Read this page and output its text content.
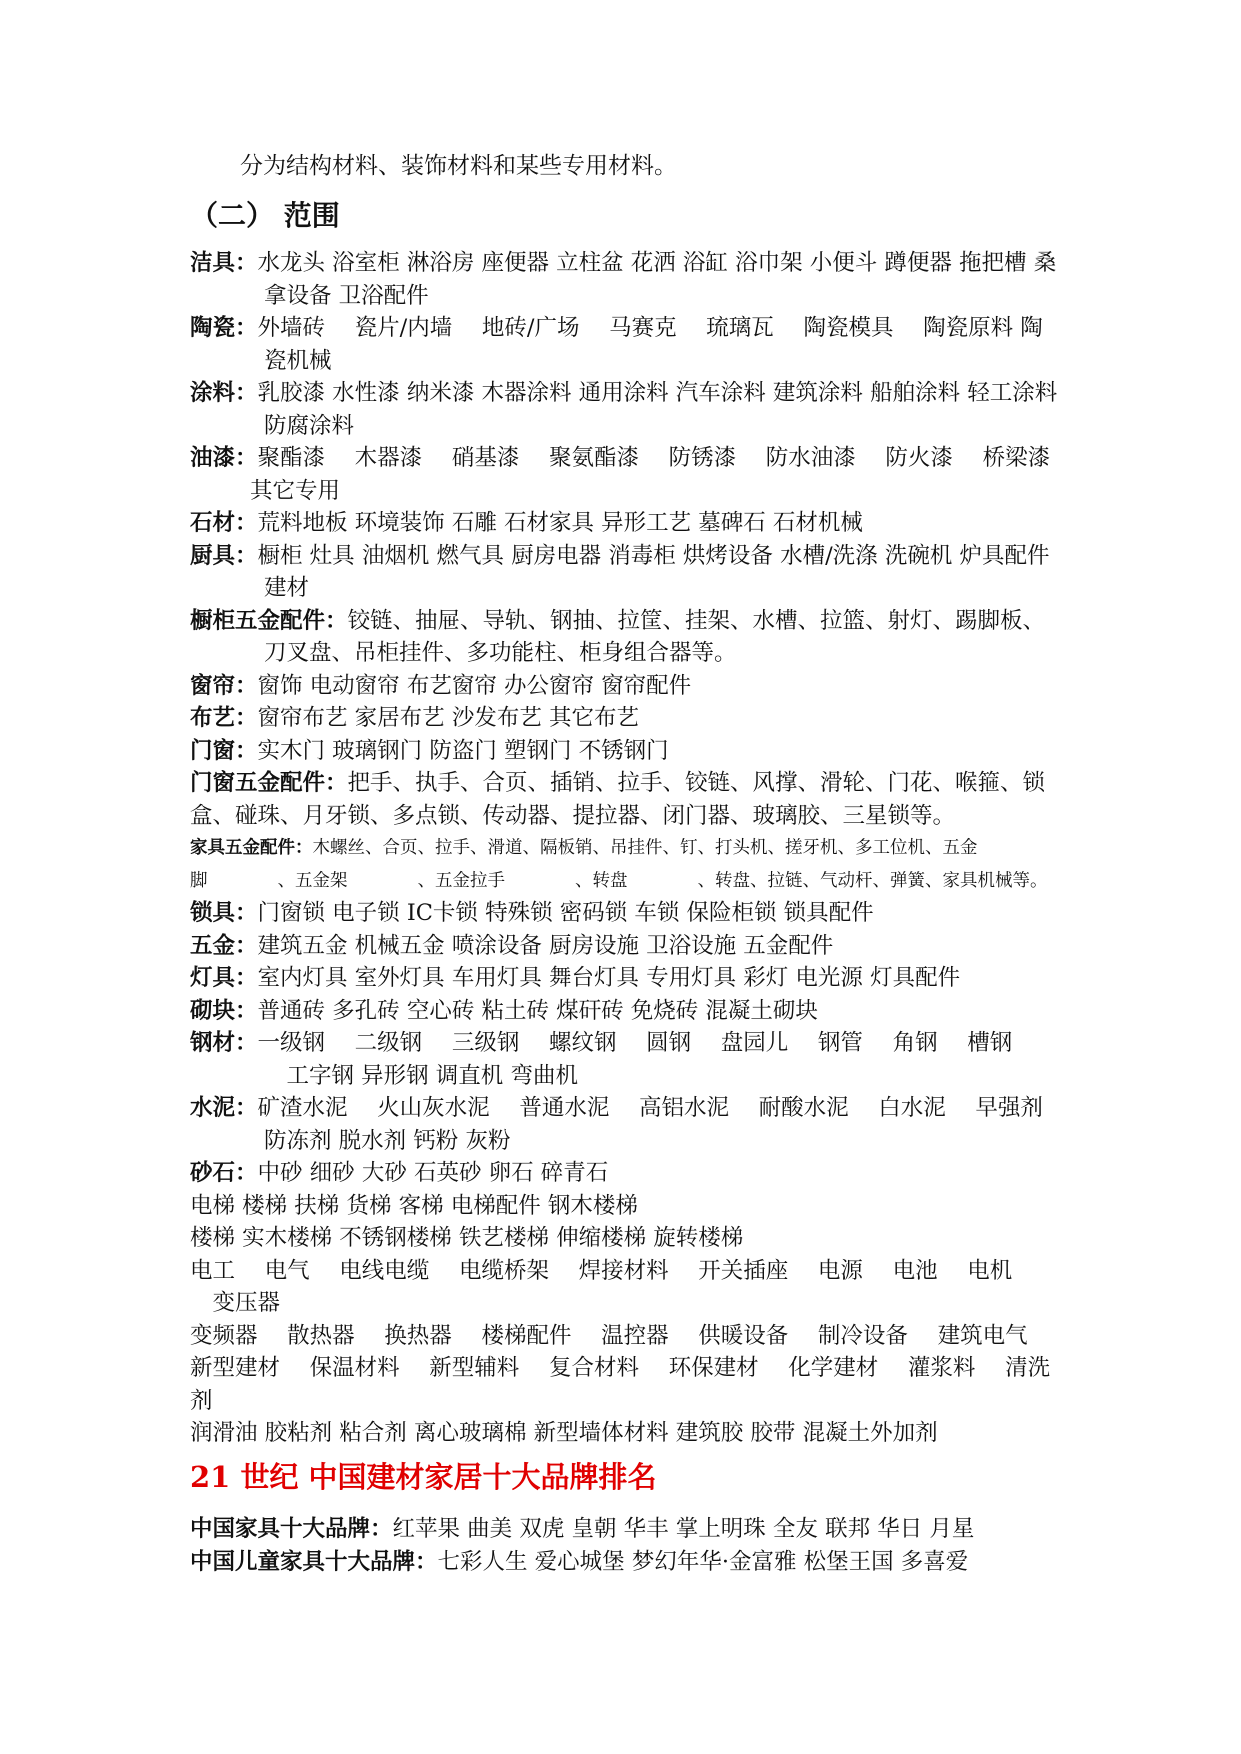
分为结构材料、装饰材料和某些专用材料。
（二） 范围
洁具：水龙头 浴室柜 淋浴房 座便器 立柱盆 花洒 浴缸 浴巾架 小便斗 蹲便器 拖把槽 桑拿设备 卫浴配件
陶瓷：外墙砖 　瓷片/内墙 　地砖/广场 　马赛克 　琉璃瓦 　陶瓷模具 　陶瓷原料 陶瓷机械
涂料：乳胶漆 水性漆 纳米漆 木器涂料 通用涂料 汽车涂料 建筑涂料 船舶涂料 轻工涂料 防腐涂料
油漆：聚酯漆 　木器漆 　硝基漆 　聚氨酯漆 　防锈漆 　防水油漆 　防火漆 　桥梁漆 其它专用
石材：荒料地板 环境装饰 石雕 石材家具 异形工艺 墓碑石 石材机械
厨具：橱柜 灶具 油烟机 燃气具 厨房电器 消毒柜 烘烤设备 水槽/洗涤 洗碗机 炉具配件 建材
橱柜五金配件：铰链、抽屉、导轨、钢抽、拉筐、挂架、水槽、拉篮、射灯、踢脚板、刀叉盘、吊柜挂件、多功能柱、柜身组合器等。
窗帘：窗饰 电动窗帘 布艺窗帘 办公窗帘 窗帘配件
布艺：窗帘布艺 家居布艺 沙发布艺 其它布艺
门窗：实木门 玻璃钢门 防盗门 塑钢门 不锈钢门
门窗五金配件：把手、执手、合页、插销、拉手、铰链、风撑、滑轮、门花、喉箍、锁盒、碰珠、月牙锁、多点锁、传动器、提拉器、闭门器、玻璃胶、三星锁等。
家具五金配件：木螺丝、合页、拉手、滑道、隔板销、吊挂件、钉、打头机、搓牙机、多工位机、五金脚　　　　、五金架　　　　、五金拉手　　　　、转盘　　　　、转盘、拉链、气动杆、弹簧、家具机械等。
锁具：门窗锁 电子锁 IC卡锁 特殊锁 密码锁 车锁 保险柜锁 锁具配件
五金：建筑五金 机械五金 喷涂设备 厨房设施 卫浴设施 五金配件
灯具：室内灯具 室外灯具 车用灯具 舞台灯具 专用灯具 彩灯 电光源 灯具配件
砌块：普通砖 多孔砖 空心砖 粘土砖 煤矸砖 免烧砖 混凝土砌块
钢材：一级钢 　二级钢 　三级钢 　螺纹钢 　圆钢 　盘园儿 　钢管 　角钢 　槽钢 　工字钢 异形钢 调直机 弯曲机
水泥：矿渣水泥 　火山灰水泥 　普通水泥 　高铝水泥 　耐酸水泥 　白水泥 　早强剂 防冻剂 脱水剂 钙粉 灰粉
砂石：中砂 细砂 大砂 石英砂 卵石 碎青石
电梯 楼梯 扶梯 货梯 客梯 电梯配件 钢木楼梯
楼梯 实木楼梯 不锈钢楼梯 铁艺楼梯 伸缩楼梯 旋转楼梯
电工 　电气 　电线电缆 　电缆桥架 　焊接材料 　开关插座 　电源 　电池 　电机 　变压器
变频器 　散热器 　换热器 　楼梯配件 　温控器 　供暖设备 　制冷设备 　建筑电气
新型建材 　保温材料 　新型辅料 　复合材料 　环保建材 　化学建材 　灌浆料 　清洗剂
润滑油 胶粘剂 粘合剂 离心玻璃棉 新型墙体材料 建筑胶 胶带 混凝土外加剂
21 世纪 中国建材家居十大品牌排名
中国家具十大品牌：红苹果 曲美 双虎 皇朝 华丰 掌上明珠 全友 联邦 华日 月星
中国儿童家具十大品牌：七彩人生 爱心城堡 梦幻年华·金富雅 松堡王国 多喜爱
